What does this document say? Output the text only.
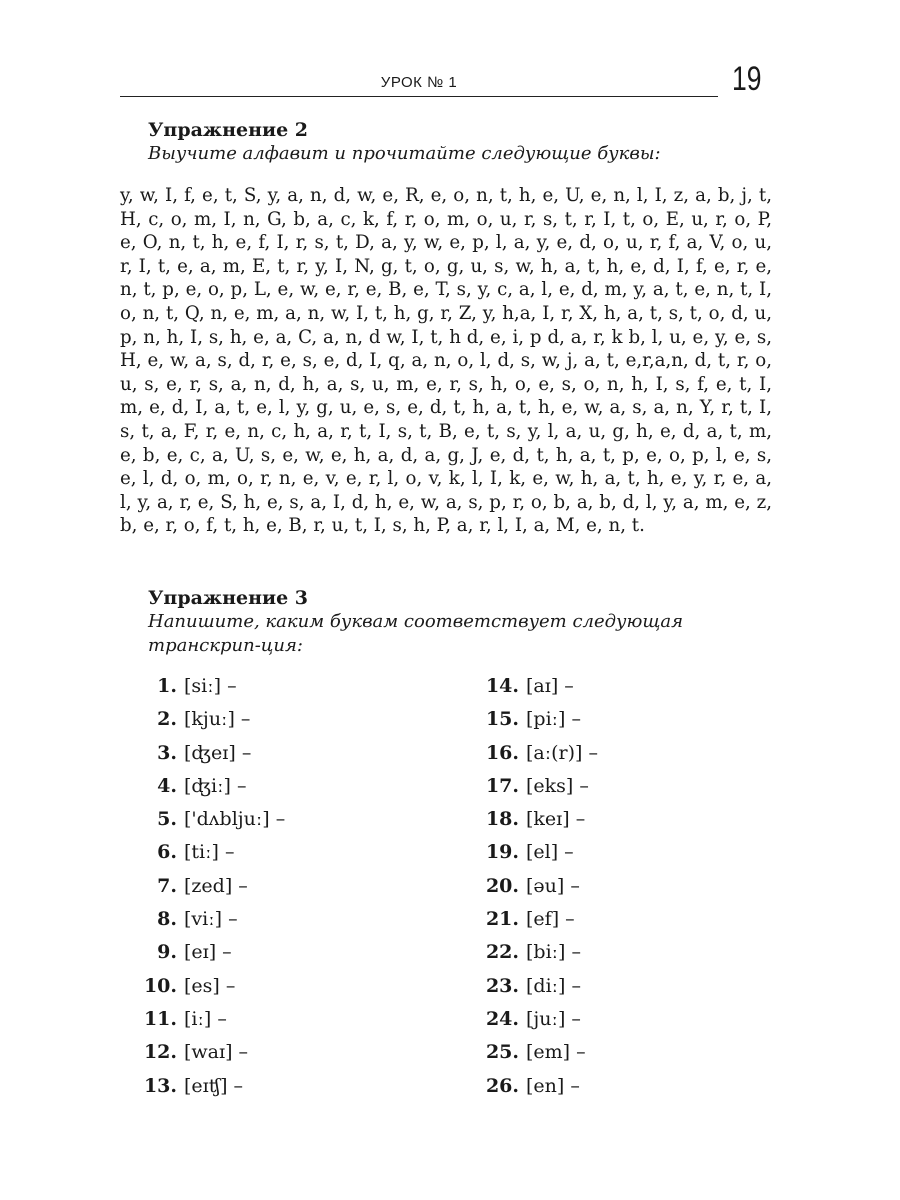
УРОК № 1	19
Упражнение 2
Выучите алфавит и прочитайте следующие буквы:
y, w, I, f, e, t, S, y, a, n, d, w, e, R, e, o, n, t, h, e, U, e, n, l, I, z, a, b, j, t, H, c, o, m, I, n, G, b, a, c, k, f, r, o, m, o, u, r, s, t, r, I, t, o, E, u, r, o, P, e, O, n, t, h, e, f, I, r, s, t, D, a, y, w, e, p, l, a, y, e, d, o, u, r, f, a, V, o, u, r, I, t, e, a, m, E, t, r, y, I, N, g, t, o, g, u, s, w, h, a, t, h, e, d, I, f, e, r, e, n, t, p, e, o, p, L, e, w, e, r, e, B, e, T, s, y, c, a, l, e, d, m, y, a, t, e, n, t, I, o, n, t, Q, n, e, m, a, n, w, I, t, h, g, r, Z, y, h,a, I, r, X, h, a, t, s, t, o, d, u, p, n, h, I, s, h, e, a, C, a, n, d w, I, t, h d, e, i, p d, a, r, k b, l, u, e, y, e, s, H, e, w, a, s, d, r, e, s, e, d, I, q, a, n, o, l, d, s, w, j, a, t, e,r,a,n, d, t, r, o, u, s, e, r, s, a, n, d, h, a, s, u, m, e, r, s, h, o, e, s, o, n, h, I, s, f, e, t, I, m, e, d, I, a, t, e, l, y, g, u, e, s, e, d, t, h, a, t, h, e, w, a, s, a, n, Y, r, t, I, s, t, a, F, r, e, n, c, h, a, r, t, I, s, t, B, e, t, s, y, l, a, u, g, h, e, d, a, t, m, e, b, e, c, a, U, s, e, w, e, h, a, d, a, g, J, e, d, t, h, a, t, p, e, o, p, l, e, s, e, l, d, o, m, o, r, n, e, v, e, r, l, o, v, k, l, I, k, e, w, h, a, t, h, e, y, r, e, a, l, y, a, r, e, S, h, e, s, a, I, d, h, e, w, a, s, p, r, o, b, a, b, d, l, y, a, m, e, z, b, e, r, o, f, t, h, e, B, r, u, t, I, s, h, P, a, r, l, I, a, M, e, n, t.
Упражнение 3
Напишите, каким буквам соответствует следующая транскрип-ция:
1. [siː] –
2. [kjuː] –
3. [ʤeɪ] –
4. [ʤiː] –
5. ['dʌbljuː] –
6. [tiː] –
7. [zed] –
8. [viː] –
9. [eɪ] –
10. [es] –
11. [iː] –
12. [waɪ] –
13. [eɪʧ] –
14. [aɪ] –
15. [piː] –
16. [aː(r)] –
17. [eks] –
18. [keɪ] –
19. [el] –
20. [əu] –
21. [ef] –
22. [biː] –
23. [diː] –
24. [juː] –
25. [em] –
26. [en] –
